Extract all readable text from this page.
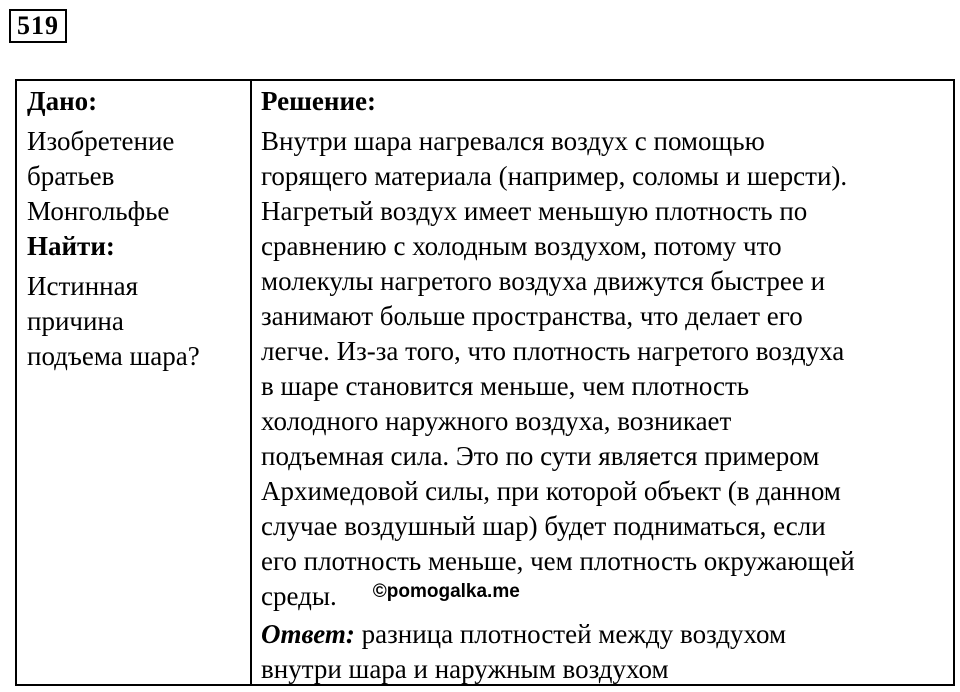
519
Дано:
Изобретение
братьев
Монгольфье
Найти:
Истинная
причина
подъема шара?
Решение:
Внутри шара нагревался воздух с помощью
горящего материала (например, соломы и шерсти).
Нагретый воздух имеет меньшую плотность по
сравнению с холодным воздухом, потому что
молекулы нагретого воздуха движутся быстрее и
занимают больше пространства, что делает его
легче. Из-за того, что плотность нагретого воздуха
в шаре становится меньше, чем плотность
холодного наружного воздуха, возникает
подъемная сила. Это по сути является примером
Архимедовой силы, при которой объект (в данном
случае воздушный шар) будет подниматься, если
его плотность меньше, чем плотность окружающей
среды. $^{©pomogalka.me}$
Ответ: разница плотностей между воздухом
внутри шара и наружным воздухом
